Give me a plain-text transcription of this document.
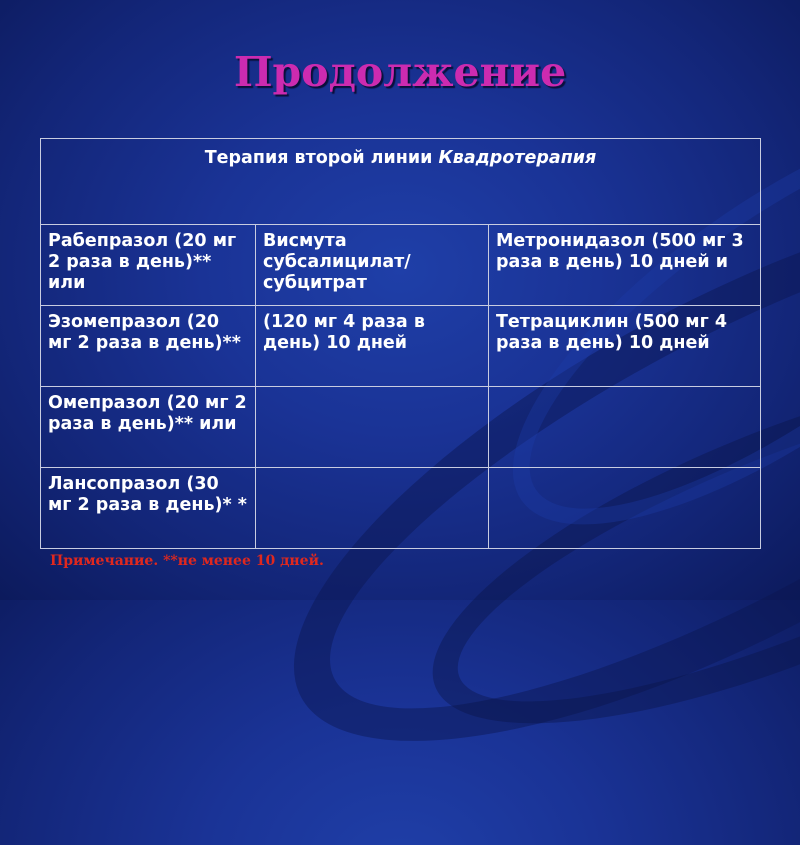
Продолжение
Терапия второй линии Квадротерапия		
Рабепразол (20 мг 2 раза в день)** или	Висмута субсалицилат/субцитрат	Метронидазол (500 мг 3 раза в день) 10 дней и
Эзомепразол (20 мг 2 раза в день)**	(120 мг 4 раза в день) 10 дней	Тетрациклин (500 мг 4 раза в день) 10 дней
Омепразол (20 мг 2 раза в день)** или		
Лансопразол (30 мг 2 раза в день)* *		

Примечание. **не менее 10 дней.
